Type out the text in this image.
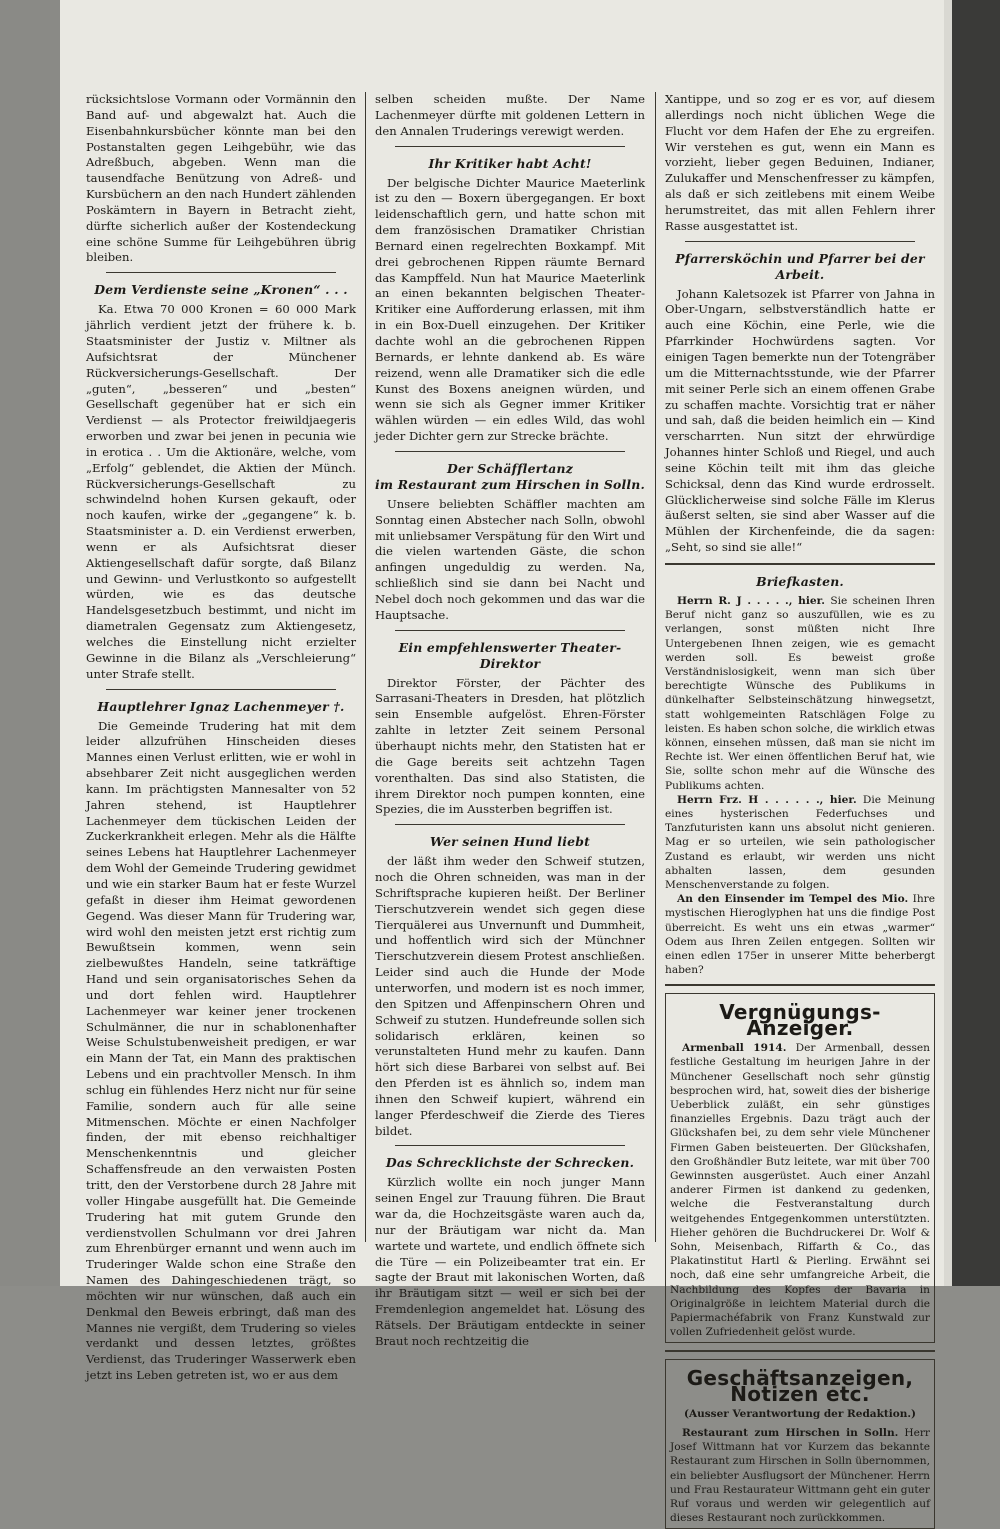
rücksichtslose Vormann oder Vormännin den Band auf- und abgewalzt hat. Auch die Eisenbahnkursbücher könnte man bei den Postanstalten gegen Leihgebühr, wie das Adreßbuch, abgeben. Wenn man die tausendfache Benützung von Adreß- und Kursbüchern an den nach Hundert zählenden Poskämtern in Bayern in Betracht zieht, dürfte sicherlich außer der Kostendeckung eine schöne Summe für Leihgebühren übrig bleiben.

Dem Verdienste seine „Kronen“ . . .

Ka. Etwa 70 000 Kronen = 60 000 Mark jährlich verdient jetzt der frühere k. b. Staatsminister der Justiz v. Miltner als Aufsichtsrat der Münchener Rückversicherungs-Gesellschaft. Der „guten“, „besseren“ und „besten“ Gesellschaft gegenüber hat er sich ein Verdienst — als Protector freiwildjaegeris erworben und zwar bei jenen in pecunia wie in erotica . . Um die Aktionäre, welche, vom „Erfolg“ geblendet, die Aktien der Münch. Rückversicherungs-Gesellschaft zu schwindelnd hohen Kursen gekauft, oder noch kaufen, wirke der „gegangene“ k. b. Staatsminister a. D. ein Verdienst erwerben, wenn er als Aufsichtsrat dieser Aktiengesellschaft dafür sorgte, daß Bilanz und Gewinn- und Verlustkonto so aufgestellt würden, wie es das deutsche Handelsgesetzbuch bestimmt, und nicht im diametralen Gegensatz zum Aktiengesetz, welches die Einstellung nicht erzielter Gewinne in die Bilanz als „Verschleierung“ unter Strafe stellt.

Hauptlehrer Ignaz Lachenmeyer †.

Die Gemeinde Trudering hat mit dem leider allzufrühen Hinscheiden dieses Mannes einen Verlust erlitten, wie er wohl in absehbarer Zeit nicht ausgeglichen werden kann. Im prächtigsten Mannesalter von 52 Jahren stehend, ist Hauptlehrer Lachenmeyer dem tückischen Leiden der Zuckerkrankheit erlegen. Mehr als die Hälfte seines Lebens hat Hauptlehrer Lachenmeyer dem Wohl der Gemeinde Trudering gewidmet und wie ein starker Baum hat er feste Wurzel gefaßt in dieser ihm Heimat gewordenen Gegend. Was dieser Mann für Trudering war, wird wohl den meisten jetzt erst richtig zum Bewußtsein kommen, wenn sein zielbewußtes Handeln, seine tatkräftige Hand und sein organisatorisches Sehen da und dort fehlen wird. Hauptlehrer Lachenmeyer war keiner jener trockenen Schulmänner, die nur in schablonenhafter Weise Schulstubenweisheit predigen, er war ein Mann der Tat, ein Mann des praktischen Lebens und ein prachtvoller Mensch. In ihm schlug ein fühlendes Herz nicht nur für seine Familie, sondern auch für alle seine Mitmenschen. Möchte er einen Nachfolger finden, der mit ebenso reichhaltiger Menschenkenntnis und gleicher Schaffensfreude an den verwaisten Posten tritt, den der Verstorbene durch 28 Jahre mit voller Hingabe ausgefüllt hat. Die Gemeinde Trudering hat mit gutem Grunde den verdienstvollen Schulmann vor drei Jahren zum Ehrenbürger ernannt und wenn auch im Truderinger Walde schon eine Straße den Namen des Dahingeschiedenen trägt, so möchten wir nur wünschen, daß auch ein Denkmal den Beweis erbringt, daß man des Mannes nie vergißt, dem Trudering so vieles verdankt und dessen letztes, größtes Verdienst, das Truderinger Wasserwerk eben jetzt ins Leben getreten ist, wo er aus dem

selben scheiden mußte. Der Name Lachenmeyer dürfte mit goldenen Lettern in den Annalen Truderings verewigt werden.

Ihr Kritiker habt Acht!

Der belgische Dichter Maurice Maeterlink ist zu den — Boxern übergegangen. Er boxt leidenschaftlich gern, und hatte schon mit dem französischen Dramatiker Christian Bernard einen regelrechten Boxkampf. Mit drei gebrochenen Rippen räumte Bernard das Kampffeld. Nun hat Maurice Maeterlink an einen bekannten belgischen Theater-Kritiker eine Aufforderung erlassen, mit ihm in ein Box-Duell einzugehen. Der Kritiker dachte wohl an die gebrochenen Rippen Bernards, er lehnte dankend ab. Es wäre reizend, wenn alle Dramatiker sich die edle Kunst des Boxens aneignen würden, und wenn sie sich als Gegner immer Kritiker wählen würden — ein edles Wild, das wohl jeder Dichter gern zur Strecke brächte.

Der Schäfflertanz
im Restaurant zum Hirschen in Solln.

Unsere beliebten Schäffler machten am Sonntag einen Abstecher nach Solln, obwohl mit unliebsamer Verspätung für den Wirt und die vielen wartenden Gäste, die schon anfingen ungeduldig zu werden. Na, schließlich sind sie dann bei Nacht und Nebel doch noch gekommen und das war die Hauptsache.

Ein empfehlenswerter Theater-Direktor

Direktor Förster, der Pächter des Sarrasani-Theaters in Dresden, hat plötzlich sein Ensemble aufgelöst. Ehren-Förster zahlte in letzter Zeit seinem Personal überhaupt nichts mehr, den Statisten hat er die Gage bereits seit achtzehn Tagen vorenthalten. Das sind also Statisten, die ihrem Direktor noch pumpen konnten, eine Spezies, die im Aussterben begriffen ist.

Wer seinen Hund liebt

der läßt ihm weder den Schweif stutzen, noch die Ohren schneiden, was man in der Schriftsprache kupieren heißt. Der Berliner Tierschutzverein wendet sich gegen diese Tierquälerei aus Unvernunft und Dummheit, und hoffentlich wird sich der Münchner Tierschutzverein diesem Protest anschließen. Leider sind auch die Hunde der Mode unterworfen, und modern ist es noch immer, den Spitzen und Affenpinschern Ohren und Schweif zu stutzen. Hundefreunde sollen sich solidarisch erklären, keinen so verunstalteten Hund mehr zu kaufen. Dann hört sich diese Barbarei von selbst auf. Bei den Pferden ist es ähnlich so, indem man ihnen den Schweif kupiert, während ein langer Pferdeschweif die Zierde des Tieres bildet.

Das Schrecklichste der Schrecken.

Kürzlich wollte ein noch junger Mann seinen Engel zur Trauung führen. Die Braut war da, die Hochzeitsgäste waren auch da, nur der Bräutigam war nicht da. Man wartete und wartete, und endlich öffnete sich die Türe — ein Polizeibeamter trat ein. Er sagte der Braut mit lakonischen Worten, daß ihr Bräutigam sitzt — weil er sich bei der Fremdenlegion angemeldet hat. Lösung des Rätsels. Der Bräutigam entdeckte in seiner Braut noch rechtzeitig die

Xantippe, und so zog er es vor, auf diesem allerdings noch nicht üblichen Wege die Flucht vor dem Hafen der Ehe zu ergreifen. Wir verstehen es gut, wenn ein Mann es vorzieht, lieber gegen Beduinen, Indianer, Zulukaffer und Menschenfresser zu kämpfen, als daß er sich zeitlebens mit einem Weibe herumstreitet, das mit allen Fehlern ihrer Rasse ausgestattet ist.

Pfarrersköchin und Pfarrer bei der Arbeit.

Johann Kaletsozek ist Pfarrer von Jahna in Ober-Ungarn, selbstverständlich hatte er auch eine Köchin, eine Perle, wie die Pfarrkinder Hochwürdens sagten. Vor einigen Tagen bemerkte nun der Totengräber um die Mitternachtsstunde, wie der Pfarrer mit seiner Perle sich an einem offenen Grabe zu schaffen machte. Vorsichtig trat er näher und sah, daß die beiden heimlich ein — Kind verscharrten. Nun sitzt der ehrwürdige Johannes hinter Schloß und Riegel, und auch seine Köchin teilt mit ihm das gleiche Schicksal, denn das Kind wurde erdrosselt. Glücklicherweise sind solche Fälle im Klerus äußerst selten, sie sind aber Wasser auf die Mühlen der Kirchenfeinde, die da sagen: „Seht, so sind sie alle!“

Briefkasten.

Herrn R. J . . . . ., hier. Sie scheinen Ihren Beruf nicht ganz so auszufüllen, wie es zu verlangen, sonst müßten nicht Ihre Untergebenen Ihnen zeigen, wie es gemacht werden soll. Es beweist große Verständnislosigkeit, wenn man sich über berechtigte Wünsche des Publikums in dünkelhafter Selbsteinschätzung hinwegsetzt, statt wohlgemeinten Ratschlägen Folge zu leisten. Es haben schon solche, die wirklich etwas können, einsehen müssen, daß man sie nicht im Rechte ist. Wer einen öffentlichen Beruf hat, wie Sie, sollte schon mehr auf die Wünsche des Publikums achten.

Herrn Frz. H . . . . . ., hier. Die Meinung eines hysterischen Federfuchses und Tanzfuturisten kann uns absolut nicht genieren. Mag er so urteilen, wie sein pathologischer Zustand es erlaubt, wir werden uns nicht abhalten lassen, dem gesunden Menschenverstande zu folgen.

An den Einsender im Tempel des Mio. Ihre mystischen Hieroglyphen hat uns die findige Post überreicht. Es weht uns ein etwas „warmer“ Odem aus Ihren Zeilen entgegen. Sollten wir einen edlen 175er in unserer Mitte beherbergt haben?

Vergnügungs-Anzeiger.

Armenball 1914. Der Armenball, dessen festliche Gestaltung im heurigen Jahre in der Münchener Gesellschaft noch sehr günstig besprochen wird, hat, soweit dies der bisherige Ueberblick zuläßt, ein sehr günstiges finanzielles Ergebnis. Dazu trägt auch der Glückshafen bei, zu dem sehr viele Münchener Firmen Gaben beisteuerten. Der Glückshafen, den Großhändler Butz leitete, war mit über 700 Gewinnsten ausgerüstet. Auch einer Anzahl anderer Firmen ist dankend zu gedenken, welche die Festveranstaltung durch weitgehendes Entgegenkommen unterstützten. Hieher gehören die Buchdruckerei Dr. Wolf & Sohn, Meisenbach, Riffarth & Co., das Plakatinstitut Hartl & Pierling. Erwähnt sei noch, daß eine sehr umfangreiche Arbeit, die Nachbildung des Kopfes der Bavaria in Originalgröße in leichtem Material durch die Papiermachéfabrik von Franz Kunstwald zur vollen Zufriedenheit gelöst wurde.

Geschäftsanzeigen, Notizen etc.
(Ausser Verantwortung der Redaktion.)

Restaurant zum Hirschen in Solln. Herr Josef Wittmann hat vor Kurzem das bekannte Restaurant zum Hirschen in Solln übernommen, ein beliebter Ausflugsort der Münchener. Herrn und Frau Restaurateur Wittmann geht ein guter Ruf voraus und werden wir gelegentlich auf dieses Restaurant noch zurückkommen.
